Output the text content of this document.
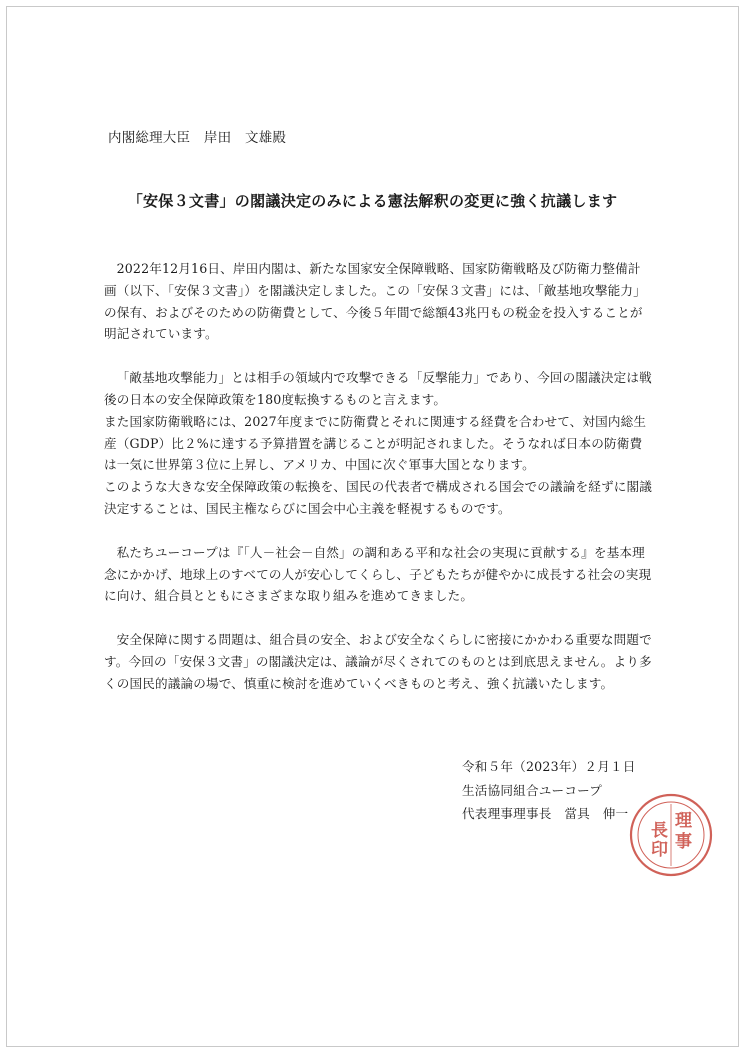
内閣総理大臣　岸田　文雄殿
「安保３文書」の閣議決定のみによる憲法解釈の変更に強く抗議します

2022年12月16日、岸田内閣は、新たな国家安全保障戦略、国家防衛戦略及び防衛力整備計画（以下、「安保３文書」）を閣議決定しました。この「安保３文書」には、「敵基地攻撃能力」の保有、およびそのための防衛費として、今後５年間で総額43兆円もの税金を投入することが明記されています。

「敵基地攻撃能力」とは相手の領域内で攻撃できる「反撃能力」であり、今回の閣議決定は戦後の日本の安全保障政策を180度転換するものと言えます。

また国家防衛戦略には、2027年度までに防衛費とそれに関連する経費を合わせて、対国内総生産（GDP）比２%に達する予算措置を講じることが明記されました。そうなれば日本の防衛費は一気に世界第３位に上昇し、アメリカ、中国に次ぐ軍事大国となります。

このような大きな安全保障政策の転換を、国民の代表者で構成される国会での議論を経ずに閣議決定することは、国民主権ならびに国会中心主義を軽視するものです。

私たちユーコープは『「人－社会－自然」の調和ある平和な社会の実現に貢献する』を基本理念にかかげ、地球上のすべての人が安心してくらし、子どもたちが健やかに成長する社会の実現に向け、組合員とともにさまざまな取り組みを進めてきました。

安全保障に関する問題は、組合員の安全、および安全なくらしに密接にかかわる重要な問題です。今回の「安保３文書」の閣議決定は、議論が尽くされてのものとは到底思えません。より多くの国民的議論の場で、慎重に検討を進めていくべきものと考え、強く抗議いたします。

令和５年（2023年）２月１日
生活協同組合ユーコープ
代表理事理事長　當具　伸一	理
事
長
印
